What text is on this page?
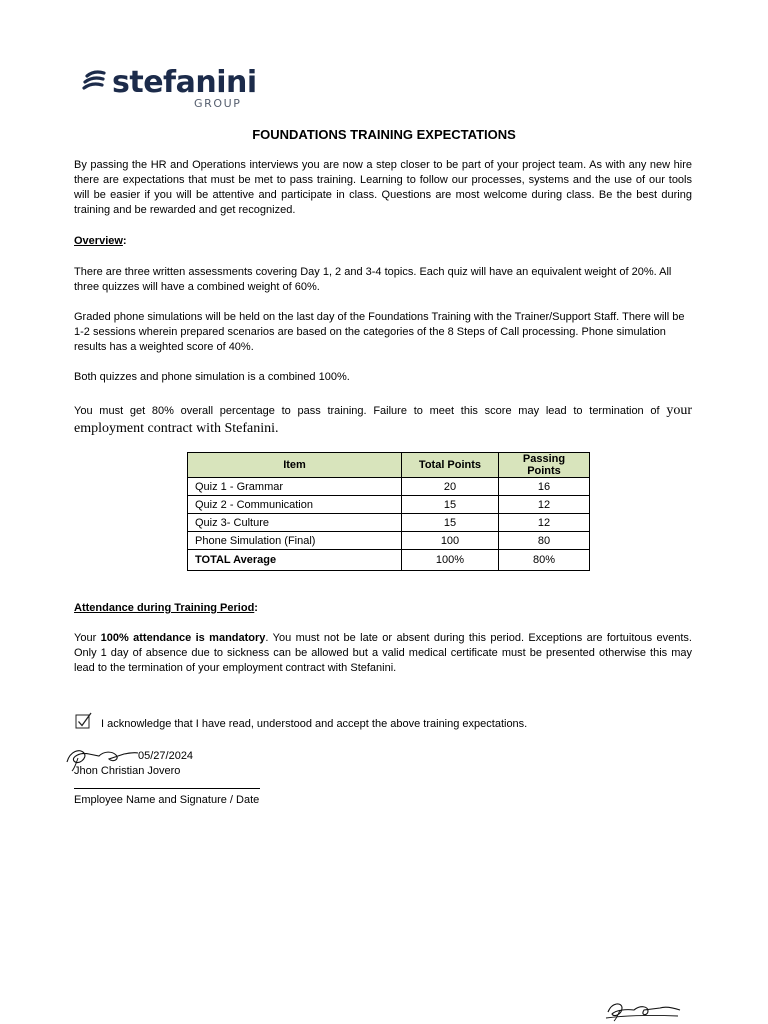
stefanini
GROUP
FOUNDATIONS TRAINING EXPECTATIONS
By passing the HR and Operations interviews you are now a step closer to be part of your project team. As with any new hire there are expectations that must be met to pass training. Learning to follow our processes, systems and the use of our tools will be easier if you will be attentive and participate in class. Questions are most welcome during class. Be the best during training and be rewarded and get recognized.
Overview:
There are three written assessments covering Day 1, 2 and 3-4 topics. Each quiz will have an equivalent weight of 20%. All three quizzes will have a combined weight of 60%.
Graded phone simulations will be held on the last day of the Foundations Training with the Trainer/Support Staff. There will be 1-2 sessions wherein prepared scenarios are based on the categories of the 8 Steps of Call processing. Phone simulation results has a weighted score of 40%.
Both quizzes and phone simulation is a combined 100%.
You must get 80% overall percentage to pass training. Failure to meet this score may lead to termination of your employment contract with Stefanini.
Item	Total Points	Passing Points
Quiz 1 - Grammar	20	16
Quiz 2 - Communication	15	12
Quiz 3- Culture	15	12
Phone Simulation (Final)	100	80
TOTAL Average	100%	80%
Attendance during Training Period:
Your 100% attendance is mandatory. You must not be late or absent during this period. Exceptions are fortuitous events. Only 1 day of absence due to sickness can be allowed but a valid medical certificate must be presented otherwise this may lead to the termination of your employment contract with Stefanini.
I acknowledge that I have read, understood and accept the above training expectations.
05/27/2024
Jhon Christian Jovero
Employee Name and Signature / Date
